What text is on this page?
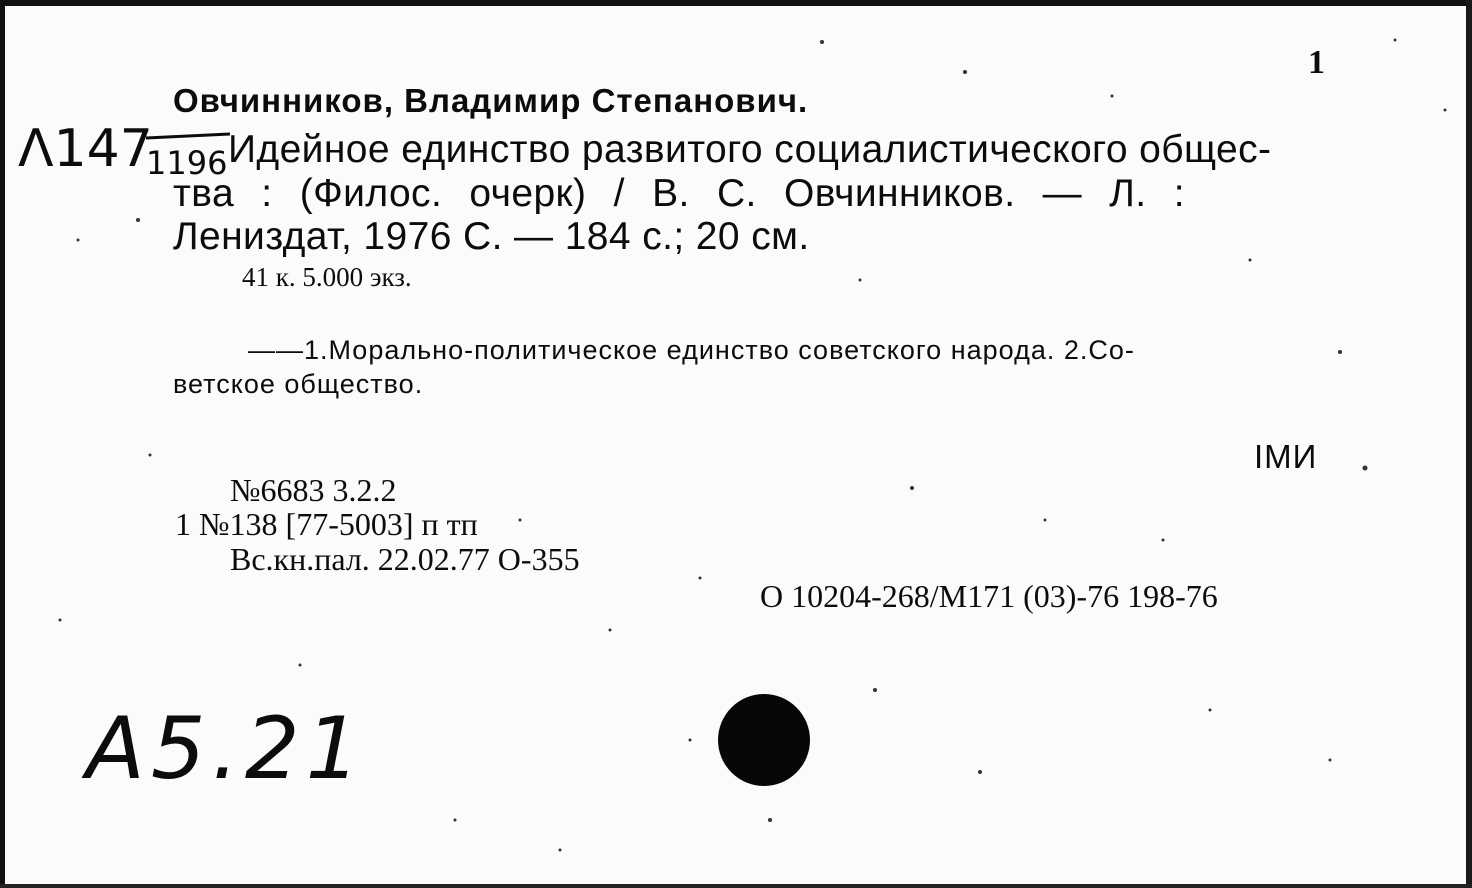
1
Овчинников, Владимир Степанович.
Λ147
1196 Идейное единство развитого социалистического общес-
тва : (Филос. очерк) / В. С. Овчинников. — Л. :
Лениздат, 1976 С. — 184 с.; 20 см.
41 к. 5.000 экз.
——1.Морально-политическое единство советского народа. 2.Со-
ветское общество.
IМИ
№6683 3.2.2
1 №138 [77-5003] п тп
Вс.кн.пал. 22.02.77 О-355
О 10204-268/М171 (03)-76 198-76
А5.21
